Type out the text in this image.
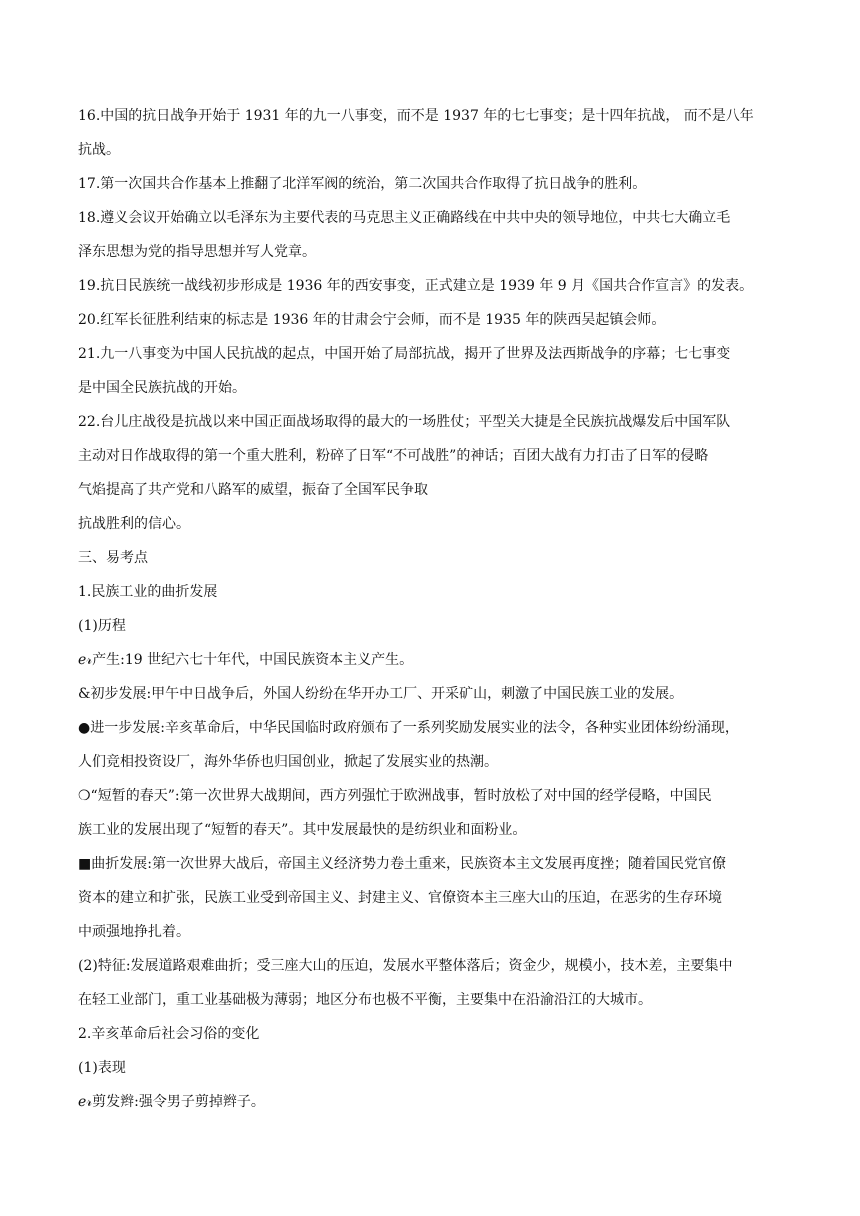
16.中国的抗日战争开始于 1931 年的九一八事变，而不是 1937 年的七七事变；是十四年抗战， 而不是八年

抗战。

17.第一次国共合作基本上推翻了北洋军阀的统治，第二次国共合作取得了抗日战争的胜利。

18.遵义会议开始确立以毛泽东为主要代表的马克思主义正确路线在中共中央的领导地位，中共七大确立毛

泽东思想为党的指导思想并写人党章。

19.抗日民族统一战线初步形成是 1936 年的西安事变，正式建立是 1939 年 9 月《国共合作宣言》的发表。

20.红军长征胜利结束的标志是 1936 年的甘肃会宁会师，而不是 1935 年的陕西吴起镇会师。

21.九一八事变为中国人民抗战的起点，中国开始了局部抗战，揭开了世界及法西斯战争的序幕；七七事变

是中国全民族抗战的开始。

22.台儿庄战役是抗战以来中国正面战场取得的最大的一场胜仗；平型关大捷是全民族抗战爆发后中国军队

主动对日作战取得的第一个重大胜利，粉碎了日军“不可战胜”的神话；百团大战有力打击了日军的侵略

气焰提高了共产党和八路军的威望，振奋了全国军民争取

抗战胜利的信心。

三、易考点

1.民族工业的曲折发展

(1)历程

ℯ𝓇产生:19 世纪六七十年代，中国民族资本主义产生。

&初步发展:甲午中日战争后，外国人纷纷在华开办工厂、开采矿山，刺激了中国民族工业的发展。

●进一步发展:辛亥革命后，中华民国临时政府颁布了一系列奖励发展实业的法令，各种实业团体纷纷涌现，

人们竞相投资设厂，海外华侨也归国创业，掀起了发展实业的热潮。

❍“短暂的春天”:第一次世界大战期间，西方列强忙于欧洲战事，暂时放松了对中国的经学侵略，中国民

族工业的发展出现了“短暂的春天”。其中发展最快的是纺织业和面粉业。

■曲折发展:第一次世界大战后，帝国主义经济势力卷土重来，民族资本主文发展再度挫；随着国民党官僚

资本的建立和扩张，民族工业受到帝国主义、封建主义、官僚资本主三座大山的压迫，在恶劣的生存环境

中顽强地挣扎着。

(2)特征:发展道路艰难曲折；受三座大山的压迫，发展水平整体落后；资金少，规模小，技木差，主要集中

在轻工业部门，重工业基础极为薄弱；地区分布也极不平衡，主要集中在沿渝沿江的大城市。

2.辛亥革命后社会习俗的变化

(1)表现

ℯ𝓇剪发辫:强令男子剪掉辫子。
